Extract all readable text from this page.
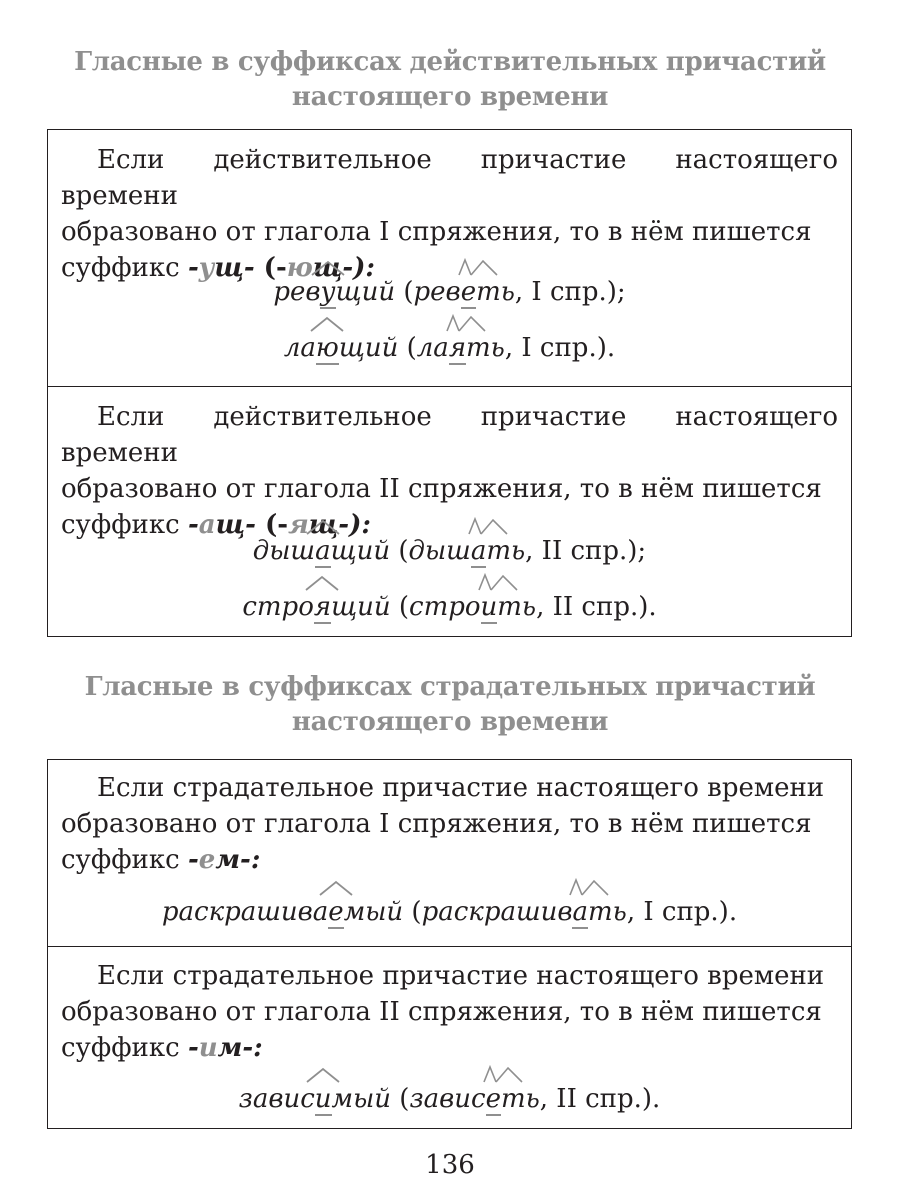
Гласные в суффиксах действительных причастий
настоящего времени

Если действительное причастие настоящего времени
образовано от глагола I спряжения, то в нём пишется
суффикс -ущ- (-ющ-):

рев
у
щий (рев
е
ть, I спр.);
ла
ю
щий (ла
я
ть, I спр.).

Если действительное причастие настоящего времени
образовано от глагола II спряжения, то в нём пишется
суффикс -ащ- (-ящ-):

дыш
а
щий (дыш
а
ть, II спр.);
стро
я
щий (стро
и
ть, II спр.).
Гласные в суффиксах страдательных причастий
настоящего времени

Если страдательное причастие настоящего времени
образовано от глагола I спряжения, то в нём пишется
суффикс -ем-:

раскрашива
е
мый (раскрашив
а
ть, I спр.).

Если страдательное причастие настоящего времени
образовано от глагола II спряжения, то в нём пишется
суффикс -им-:

завис
и
мый (завис
е
ть, II спр.).
136
